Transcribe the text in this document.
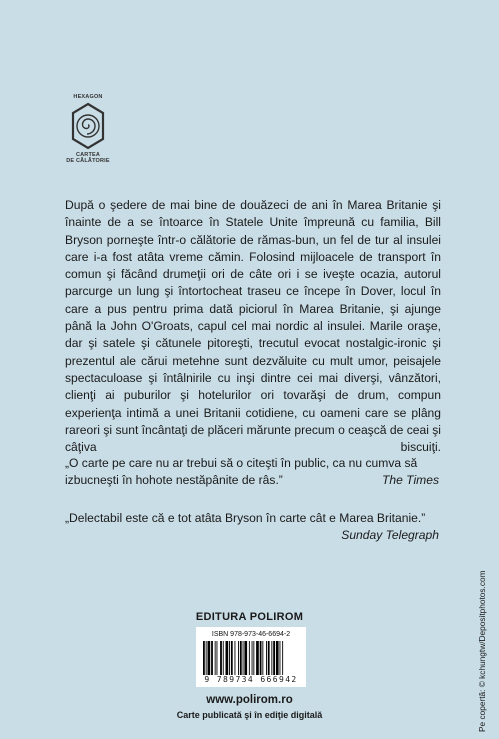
HEXAGON
CARTEA
DE CĂLĂTORIE

După o şedere de mai bine de douăzeci de ani în Marea Britanie şi înainte de a se întoarce în Statele Unite împreună cu familia, Bill Bryson porneşte într-o călătorie de rămas-bun, un fel de tur al insulei care i-a fost atâta vreme cămin. Folosind mijloacele de transport în comun şi făcând drumeţii ori de câte ori i se iveşte ocazia, autorul parcurge un lung şi întortocheat traseu ce începe în Dover, locul în care a pus pentru prima dată piciorul în Marea Britanie, şi ajunge până la John O'Groats, capul cel mai nordic al insulei. Marile oraşe, dar şi satele şi cătunele pitoreşti, trecutul evocat nostalgic-ironic şi prezentul ale cărui metehne sunt dezvăluite cu mult umor, peisajele spectaculoase şi întâlnirile cu inşi dintre cei mai diverşi, vânzători, clienţi ai puburilor şi hotelurilor ori tovarăşi de drum, compun experienţa intimă a unei Britanii cotidiene, cu oameni care se plâng rareori şi sunt încântaţi de plăceri mărunte precum o ceaşcă de ceai şi câţiva biscuiţi.

„O carte pe care nu ar trebui să o citeşti în public, ca nu cumva să izbucneşti în hohote nestăpânite de râs.”	The Times

„Delectabil este că e tot atâta Bryson în carte cât e Marea Britanie.”

Sunday Telegraph
EDITURA POLIROM
ISBN 978-973-46-6694-2
9 789734 666942
www.polirom.ro
Carte publicată şi în ediţie digitală	Pe copertă: © kchungtw/Depositphotos.com
